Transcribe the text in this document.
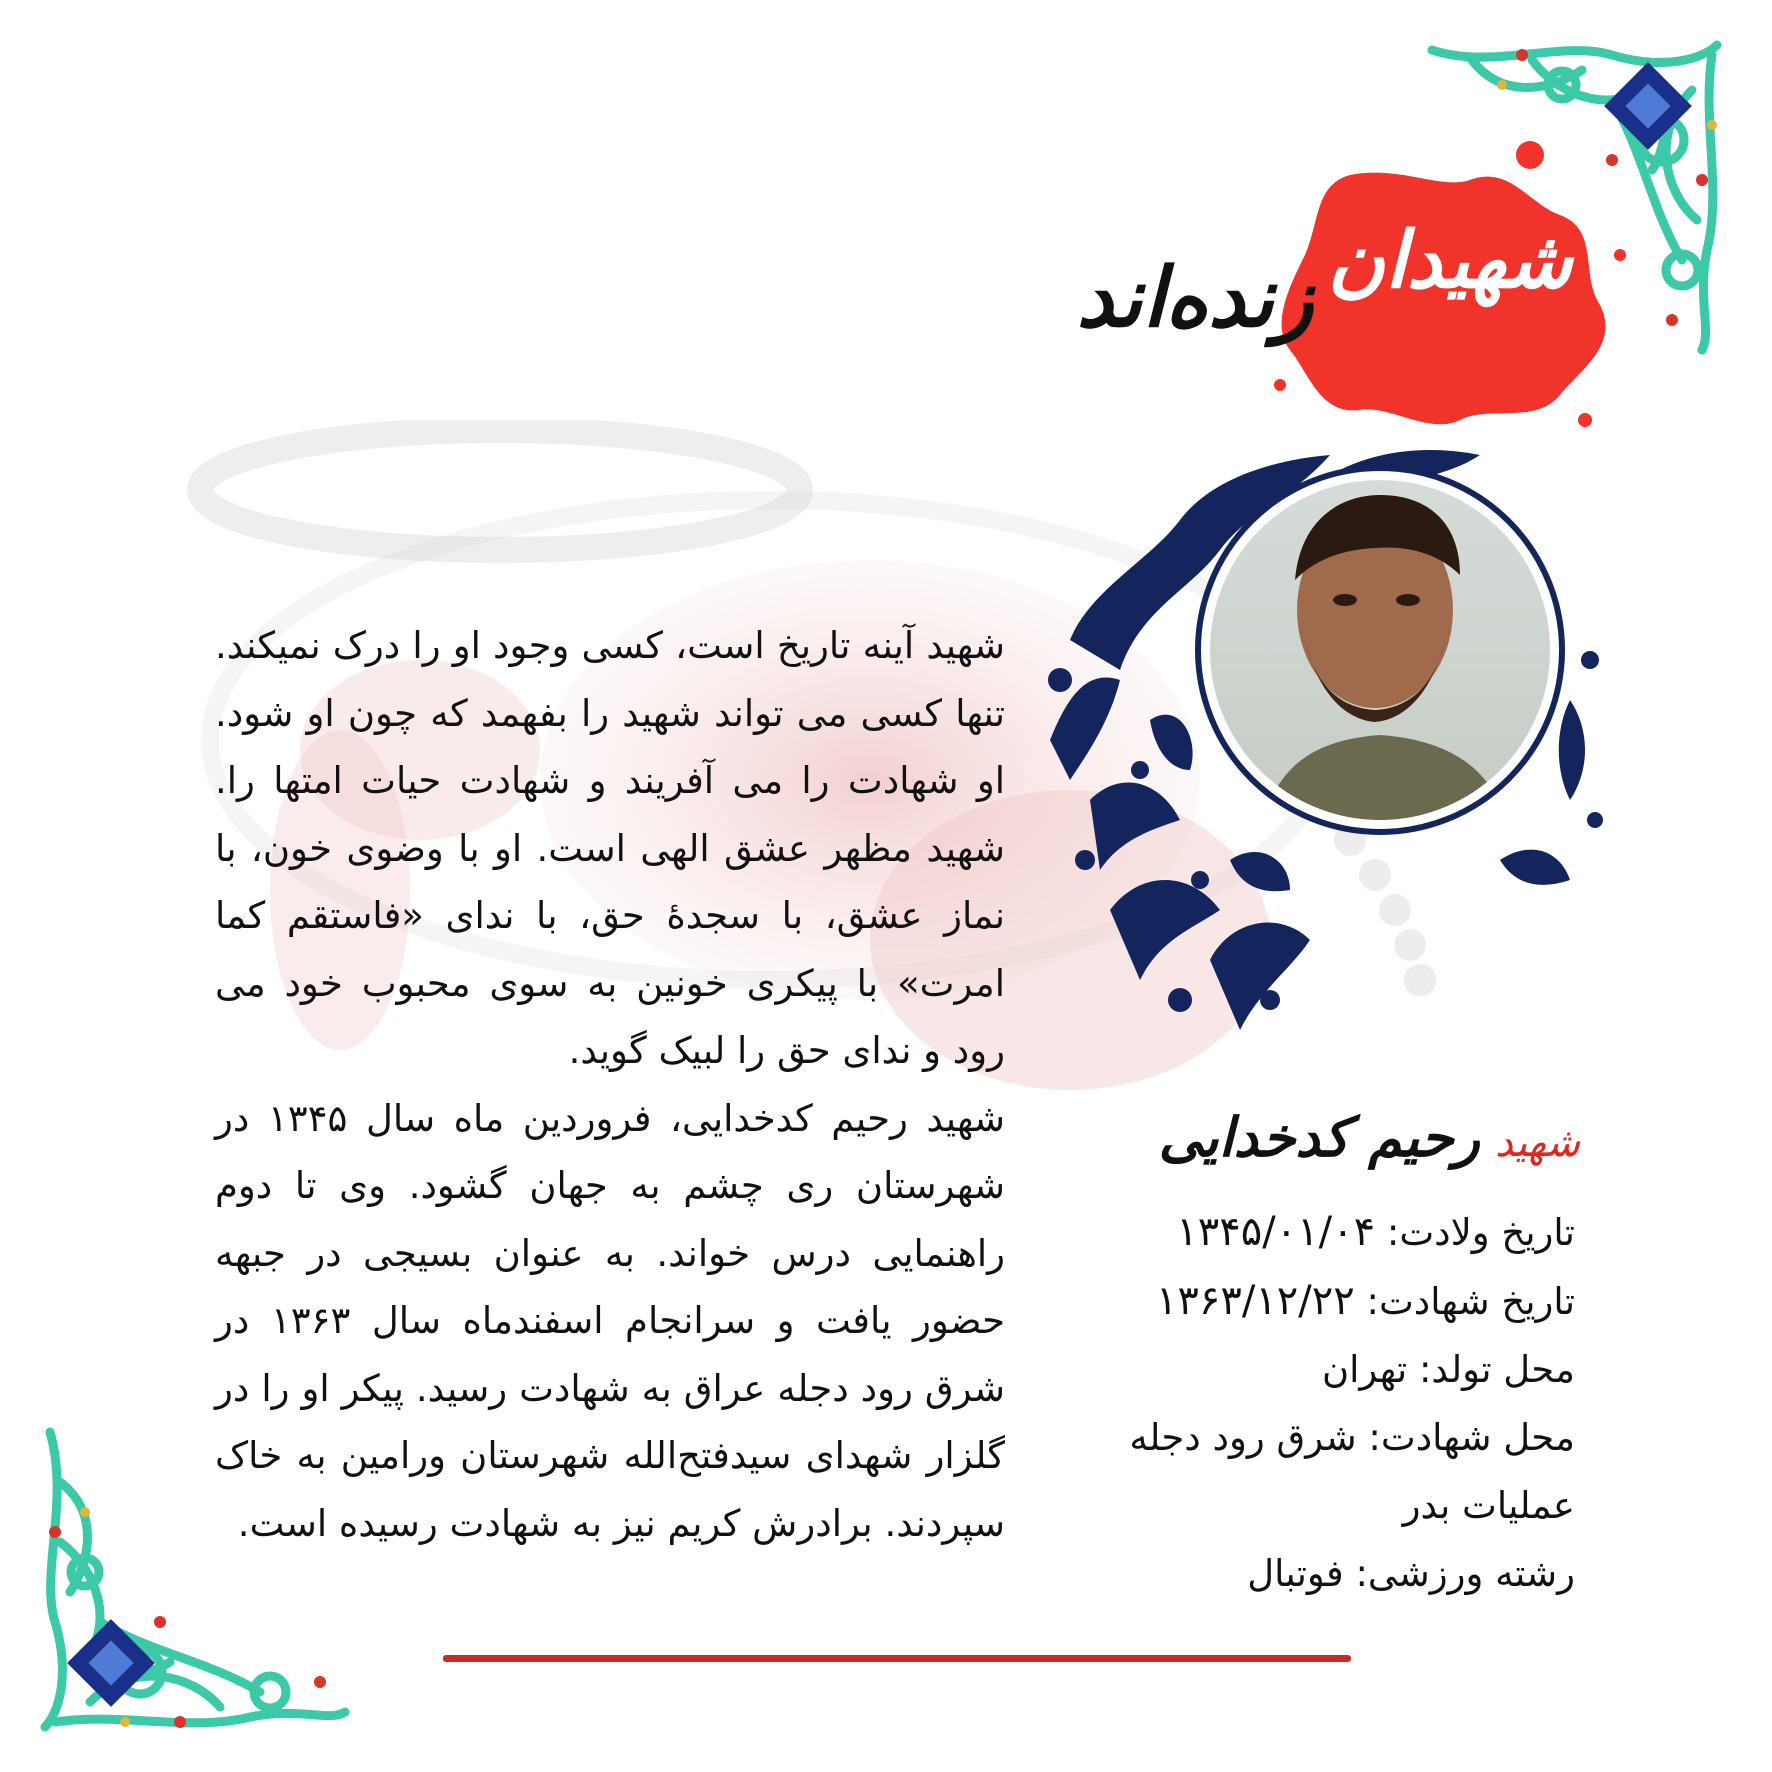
شهیدان
زنده‌اند

شهید آینه تاریخ است، کسی وجود او را درک نمیکند. تنها کسی می تواند شهید را بفهمد که چون او شود. او شهادت را می آفریند و شهادت حیات امتها را. شهید مظهر عشق الهی است. او با وضوی خون، با نماز عشق، با سجدۀ حق، با ندای «فاستقم کما امرت» با پیکری خونین به سوی محبوب خود می رود و ندای حق را لبیک گوید.

شهید رحیم کدخدایی، فروردین ماه سال ۱۳۴۵ در شهرستان ری چشم به جهان گشود. وی تا دوم راهنمایی درس خواند. به عنوان بسیجی در جبهه حضور یافت و سرانجام اسفندماه سال ۱۳۶۳ در شرق رود دجله عراق به شهادت رسید. پیکر او را در گلزار شهدای سیدفتح‌الله شهرستان ورامین به خاک سپردند. برادرش کریم نیز به شهادت رسیده است.

شهید رحیم کدخدایی
تاریخ ولادت: ۱۳۴۵/۰۱/۰۴
تاریخ شهادت: ۱۳۶۳/۱۲/۲۲
محل تولد: تهران
محل شهادت: شرق رود دجله
عملیات بدر
رشته ورزشی: فوتبال
